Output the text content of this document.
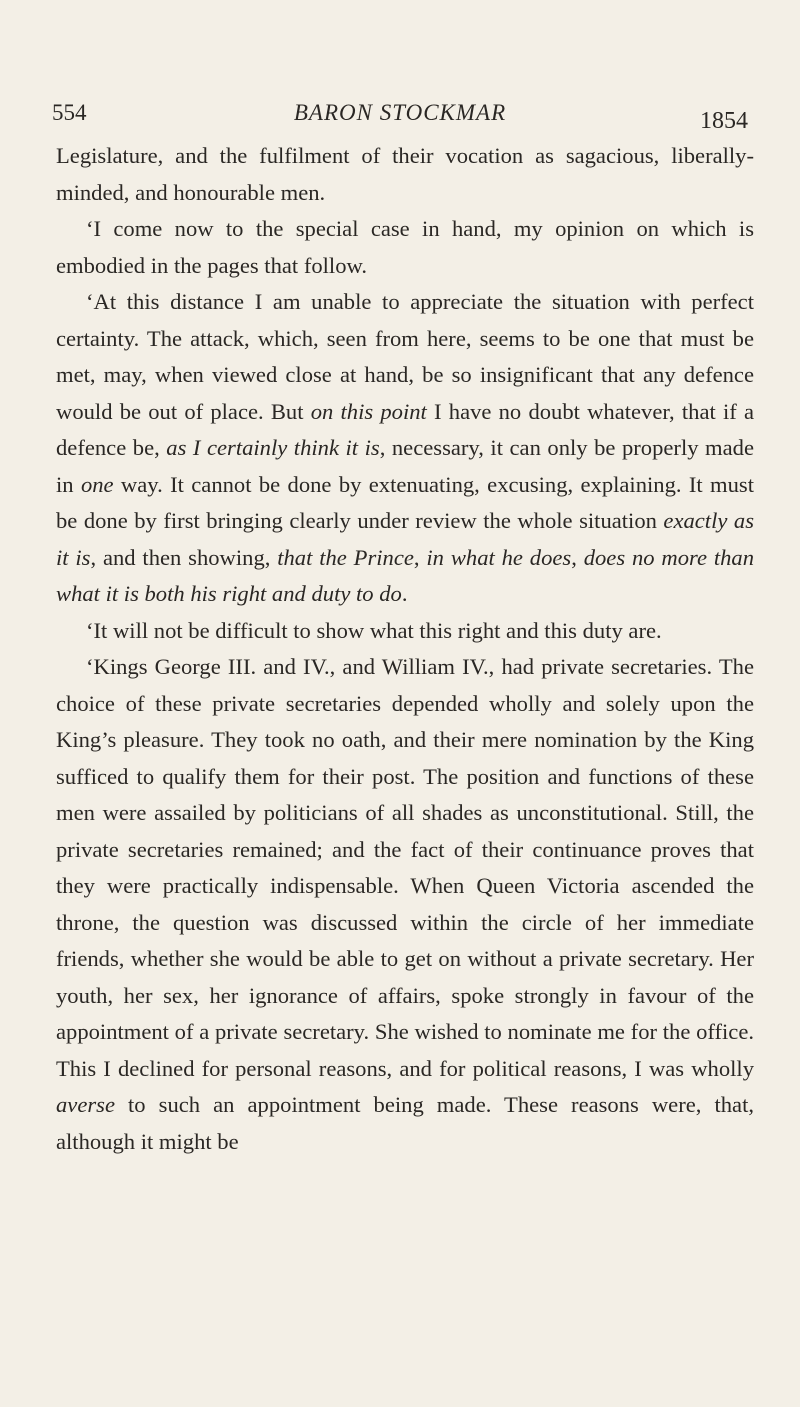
554	BARON STOCKMAR	1854

Legislature, and the fulfilment of their vocation as sagacious, liberally-minded, and honourable men.

‘I come now to the special case in hand, my opinion on which is embodied in the pages that follow.

‘At this distance I am unable to appreciate the situation with perfect certainty. The attack, which, seen from here, seems to be one that must be met, may, when viewed close at hand, be so insignificant that any defence would be out of place. But on this point I have no doubt whatever, that if a defence be, as I certainly think it is, necessary, it can only be properly made in one way. It cannot be done by extenuating, excusing, explaining. It must be done by first bringing clearly under review the whole situation exactly as it is, and then showing, that the Prince, in what he does, does no more than what it is both his right and duty to do.

‘It will not be difficult to show what this right and this duty are.

‘Kings George III. and IV., and William IV., had private secretaries. The choice of these private secretaries depended wholly and solely upon the King’s pleasure. They took no oath, and their mere nomination by the King sufficed to qualify them for their post. The position and functions of these men were assailed by politicians of all shades as unconstitutional. Still, the private secretaries remained; and the fact of their continuance proves that they were practically indispensable. When Queen Victoria ascended the throne, the question was discussed within the circle of her immediate friends, whether she would be able to get on without a private secretary. Her youth, her sex, her ignorance of affairs, spoke strongly in favour of the appointment of a private secretary. She wished to nominate me for the office. This I declined for personal reasons, and for political reasons, I was wholly averse to such an appointment being made. These reasons were, that, although it might be
